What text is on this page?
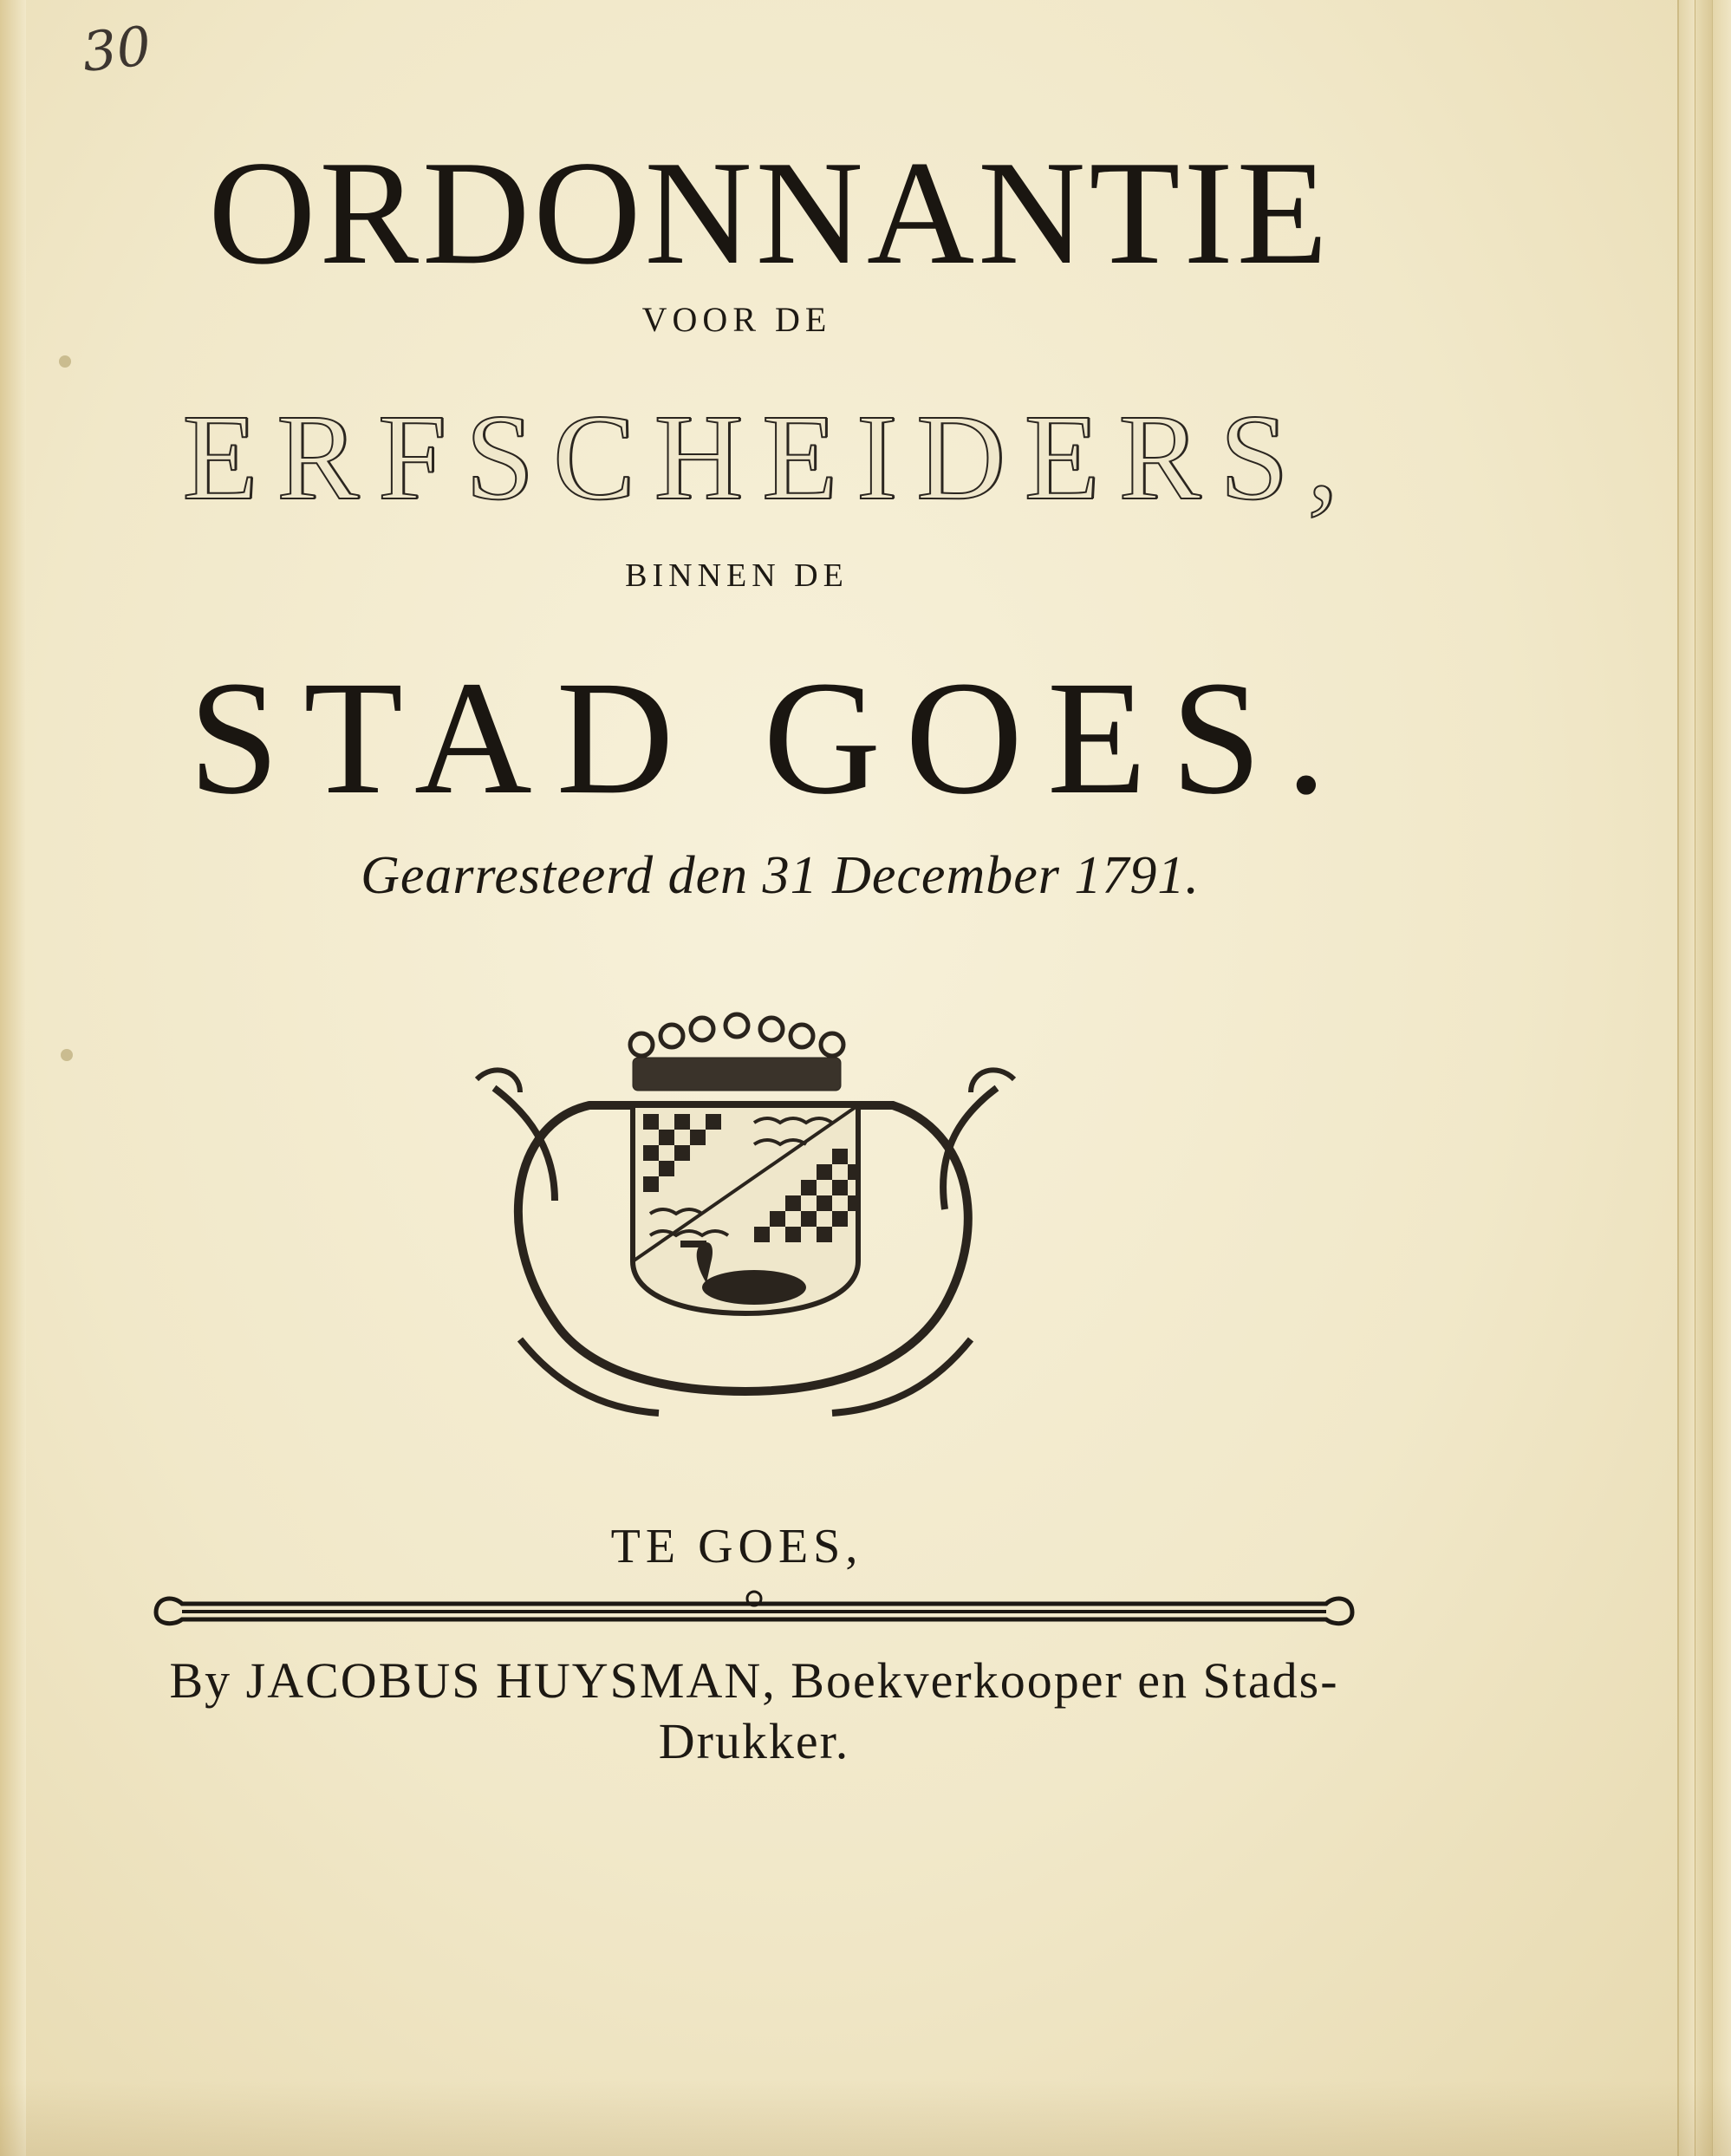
30
ORDONNANTIE
VOOR DE
ERFSCHEIDERS,
BINNEN DE
STAD GOES.
Gearresteerd den 31 December 1791.
TE GOES,
By JACOBUS HUYSMAN, Boekverkooper en Stads-
Drukker.
